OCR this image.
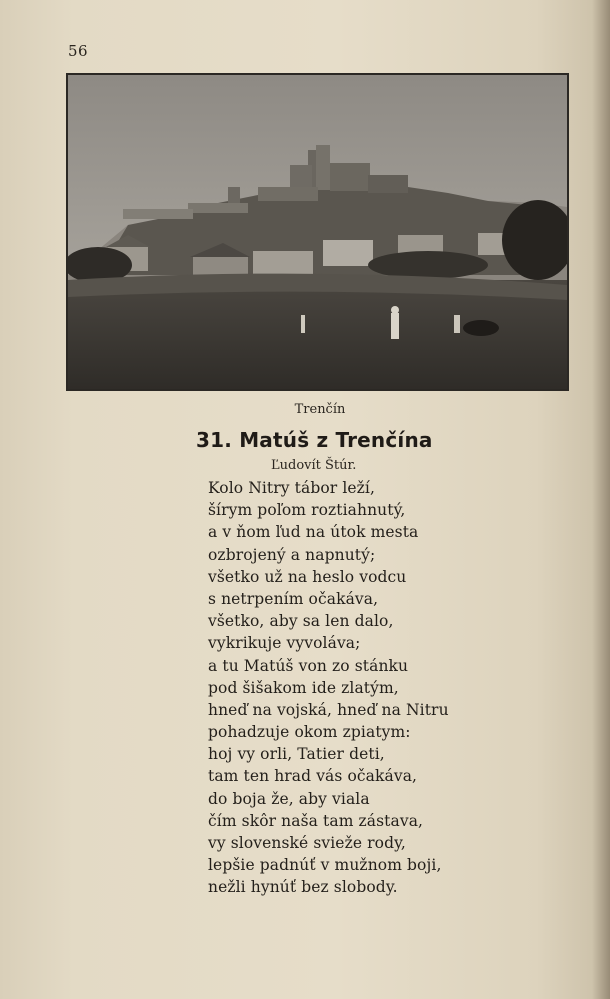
56
Trenčín
31. Matúš z Trenčína
Ľudovít Štúr.
Kolo Nitry tábor leží,
šírym poľom roztiahnutý,
a v ňom ľud na útok mesta
ozbrojený a napnutý;
všetko už na heslo vodcu
s netrpením očakáva,
všetko, aby sa len dalo,
vykrikuje vyvoláva;
a tu Matúš von zo stánku
pod šišakom ide zlatým,
hneď na vojská, hneď na Nitru
pohadzuje okom zpiatym:
hoj vy orli, Tatier deti,
tam ten hrad vás očakáva,
do boja že, aby viala
čím skôr naša tam zástava,
vy slovenské svieže rody,
lepšie padnúť v mužnom boji,
nežli hynúť bez slobody.
